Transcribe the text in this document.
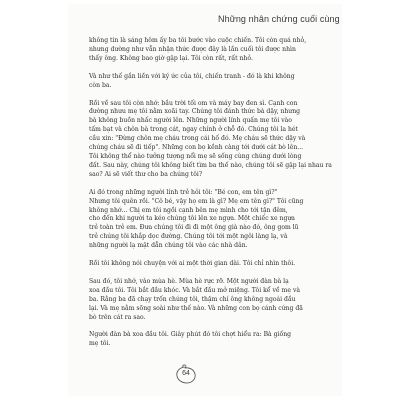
Những nhân chứng cuối cùng

không tin là sáng hôm ấy ba tôi bước vào cuộc chiến. Tôi còn quá nhỏ,
nhưng dường như vẫn nhận thức được đây là lần cuối tôi được nhìn
thấy ông. Không bao giờ gặp lại. Tôi còn rất, rất nhỏ.

Và như thế gắn liền với ký ức của tôi, chiến tranh - đó là khi không
còn ba.

Rồi về sau tôi còn nhớ: bầu trời tối om và máy bay đen sì. Cạnh con
đường nhưu mẹ tôi nằm xoãi tay. Chúng tôi đánh thức bà dậy, nhưng
bà không buồn nhấc người lên. Những người lính quấn mẹ tôi vào
tấm bạt và chôn bà trong cát, ngay chính ở chỗ đó. Chúng tôi la hét
cầu xin: "Đừng chôn mẹ cháu trong cái hố đó. Mẹ cháu sẽ thức dậy và
chúng cháu sẽ đi tiếp". Những con bọ kềnh càng tới dưới cát bò lên...
Tôi không thể nào tưởng tượng nổi mẹ sẽ sống cùng chúng dưới lòng
đất. Sau này, chúng tôi không biết tìm ba thế nào, chúng tôi sẽ gặp lại nhau ra
sao? Ai sẽ viết thư cho ba chúng tôi?

Ai đó trong những người lính trẻ hỏi tôi: "Bé con, em tên gì?"
Nhưng tôi quên rồi. "Cô bé, vậy họ em là gì? Mẹ em tên gì?" Tôi cũng
không nhớ... Chị em tôi ngồi cạnh bên mẹ mình cho tới tận đêm,
cho đến khi người ta kéo chúng tôi lên xe ngựa. Một chiếc xe ngựa
trẻ toàn trẻ em. Đưa chúng tôi đi đi một ông già nào đó, ông gom lũ
trẻ chúng tôi khắp dọc đường. Chúng tôi tới một ngôi làng lạ, và
những người lạ mặt dẫn chúng tôi vào các nhà dân.

Rồi tôi không nói chuyện với ai một thời gian dài. Tôi chỉ nhìn thôi.

Sau đó, tôi nhớ, vào mùa hè. Mùa hè rực rỡ. Một người đàn bà lạ
xoa đầu tôi. Tôi bắt đầu khóc. Và bắt đầu mở miệng. Tôi kể về mẹ và
ba. Rằng ba đã chạy trốn chúng tôi, thậm chí ông không ngoái đầu
lại. Và mẹ nằm sõng soài như thế nào. Và những con bọ cánh cứng đã
bò trên cát ra sao.

Người đàn bà xoa đầu tôi. Giây phút đó tôi chợt hiểu ra: Bà giống
mẹ tôi.

64
